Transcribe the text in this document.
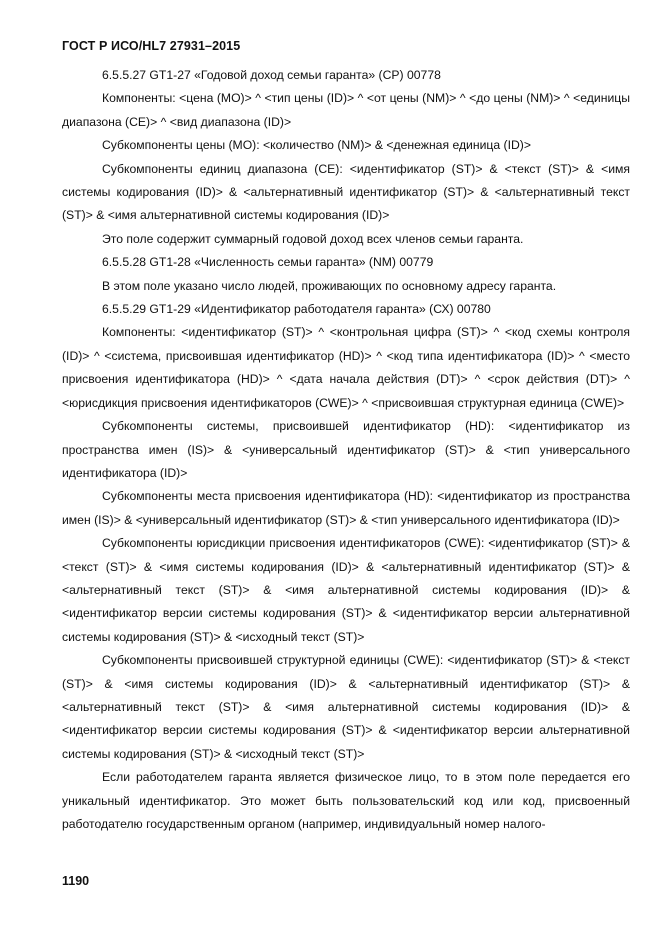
ГОСТ Р ИСО/HL7 27931–2015

6.5.5.27 GT1-27 «Годовой доход семьи гаранта» (CP) 00778

Компоненты: <цена (МО)> ^ <тип цены (ID)> ^ <от цены (NM)> ^ <до цены (NM)> ^ <единицы диапазона (СЕ)> ^ <вид диапазона (ID)>

Субкомпоненты цены (МО): <количество (NM)> & <денежная единица (ID)>

Субкомпоненты единиц диапазона (СЕ): <идентификатор (ST)> & <текст (ST)> & <имя системы кодирования (ID)> & <альтернативный идентификатор (ST)> & <альтернативный текст (ST)> & <имя альтернативной системы кодирования (ID)>

Это поле содержит суммарный годовой доход всех членов семьи гаранта.

6.5.5.28 GT1-28 «Численность семьи гаранта» (NM) 00779

В этом поле указано число людей, проживающих по основному адресу гаранта.

6.5.5.29 GT1-29 «Идентификатор работодателя гаранта» (СХ) 00780

Компоненты: <идентификатор (ST)> ^ <контрольная цифра (ST)> ^ <код схемы контроля (ID)> ^ <система, присвоившая идентификатор (HD)> ^ <код типа идентификатора (ID)> ^ <место присвоения идентификатора (HD)> ^ <дата начала действия (DT)> ^ <срок действия (DT)> ^ <юрисдикция присвоения идентификаторов (CWE)> ^ <присвоившая структурная единица (CWE)>

Субкомпоненты системы, присвоившей идентификатор (HD): <идентификатор из пространства имен (IS)> & <универсальный идентификатор (ST)> & <тип универсального идентификатора (ID)>

Субкомпоненты места присвоения идентификатора (HD): <идентификатор из пространства имен (IS)> & <универсальный идентификатор (ST)> & <тип универсального идентификатора (ID)>

Субкомпоненты юрисдикции присвоения идентификаторов (CWE): <идентификатор (ST)> & <текст (ST)> & <имя системы кодирования (ID)> & <альтернативный идентификатор (ST)> & <альтернативный текст (ST)> & <имя альтернативной системы кодирования (ID)> & <идентификатор версии системы кодирования (ST)> & <идентификатор версии альтернативной системы кодирования (ST)> & <исходный текст (ST)>

Субкомпоненты присвоившей структурной единицы (CWE): <идентификатор (ST)> & <текст (ST)> & <имя системы кодирования (ID)> & <альтернативный идентификатор (ST)> & <альтернативный текст (ST)> & <имя альтернативной системы кодирования (ID)> & <идентификатор версии системы кодирования (ST)> & <идентификатор версии альтернативной системы кодирования (ST)> & <исходный текст (ST)>

Если работодателем гаранта является физическое лицо, то в этом поле передается его уникальный идентификатор. Это может быть пользовательский код или код, присвоенный работодателю государственным органом (например, индивидуальный номер налого-

1190
